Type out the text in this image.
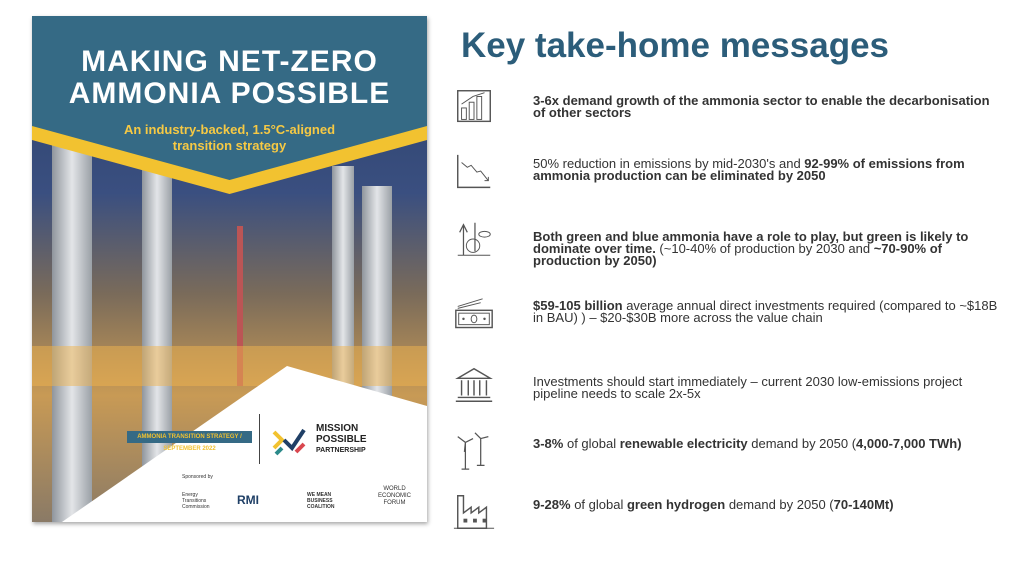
MAKING NET-ZERO
AMMONIA POSSIBLE
An industry-backed, 1.5°C-aligned
transition strategy
AMMONIA TRANSITION STRATEGY / SEPTEMBER 2022
MISSION
POSSIBLE
PARTNERSHIP
Sponsored by
Energy Transitions Commission	RMI	WE MEAN BUSINESS COALITION
WORLD ECONOMIC FORUM
Key take-home messages
3-6x demand growth of the ammonia sector to enable the decarbonisation of other sectors
50% reduction in emissions by mid-2030's and 92-99% of emissions from ammonia production can be eliminated by 2050
Both green and blue ammonia have a role to play, but green is likely to dominate over time. (~10-40% of production by 2030 and ~70-90% of production by 2050)
$59-105 billion average annual direct investments required (compared to ~$18B in BAU) ) – $20-$30B more across the value chain
Investments should start immediately – current 2030 low-emissions project pipeline needs to scale 2x-5x
3-8% of global renewable electricity demand by 2050 (4,000-7,000 TWh)
9-28% of global green hydrogen demand by 2050 (70-140Mt)
